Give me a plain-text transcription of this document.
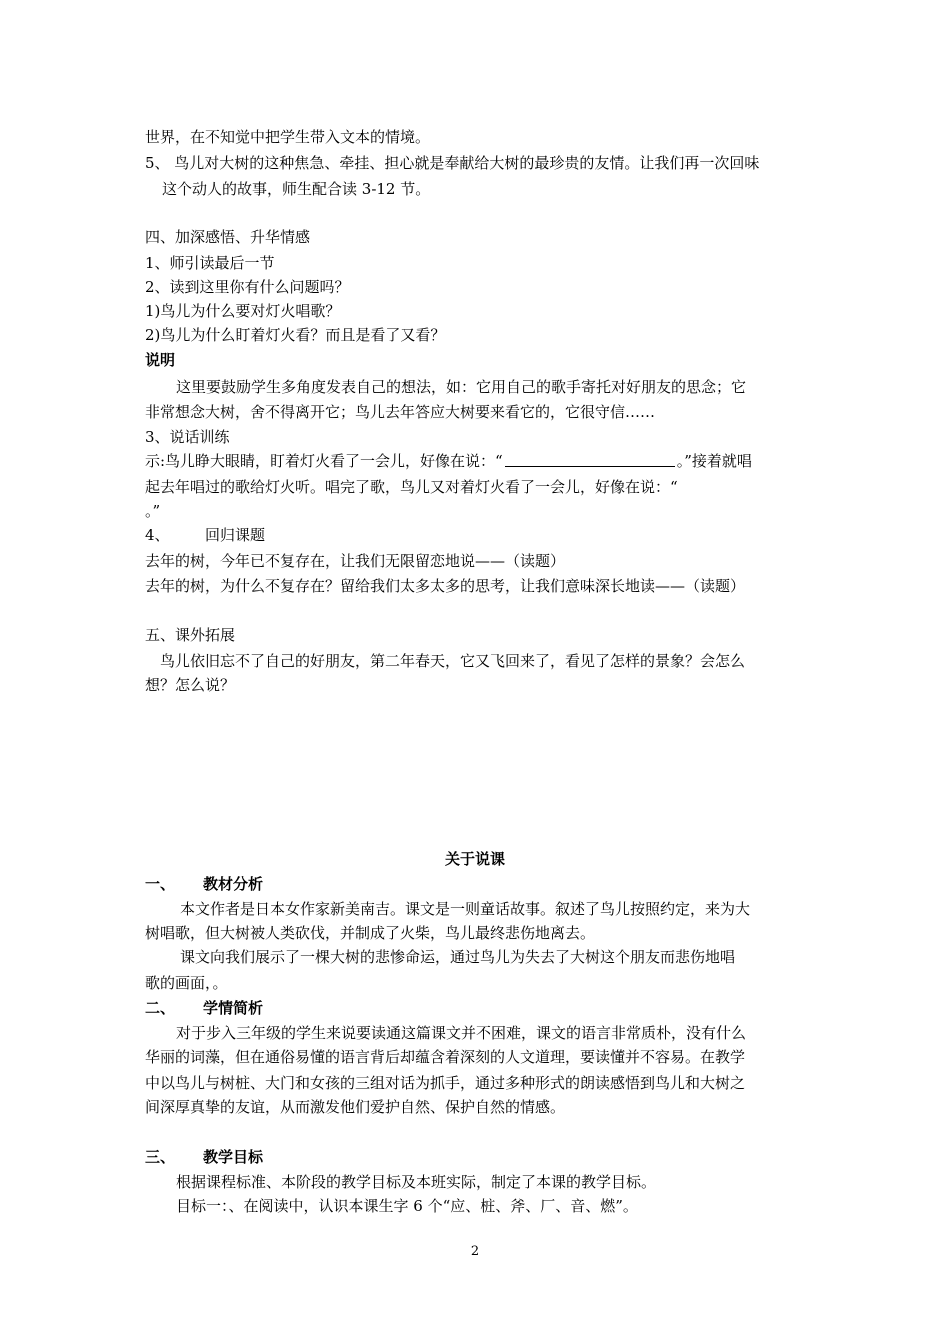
世界，在不知觉中把学生带入文本的情境。
5、 鸟儿对大树的这种焦急、牵挂、担心就是奉献给大树的最珍贵的友情。让我们再一次回味
这个动人的故事，师生配合读 3-12 节。
四、加深感悟、升华情感
1、师引读最后一节
2、读到这里你有什么问题吗？
1)鸟儿为什么要对灯火唱歌？
2)鸟儿为什么盯着灯火看？而且是看了又看？
说明
这里要鼓励学生多角度发表自己的想法，如：它用自己的歌手寄托对好朋友的思念；它
非常想念大树，舍不得离开它；鸟儿去年答应大树要来看它的，它很守信……
3、说话训练
示:鸟儿睁大眼睛，盯着灯火看了一会儿，好像在说：“	。”接着就唱
起去年唱过的歌给灯火听。唱完了歌，鸟儿又对着灯火看了一会儿，好像在说：“
。”
4、 回归课题
去年的树，今年已不复存在，让我们无限留恋地说——（读题）
去年的树，为什么不复存在？留给我们太多太多的思考，让我们意味深长地读——（读题）
五、课外拓展
鸟儿依旧忘不了自己的好朋友，第二年春天，它又飞回来了，看见了怎样的景象？会怎么
想？怎么说？
关于说课
一、 教材分析
本文作者是日本女作家新美南吉。课文是一则童话故事。叙述了鸟儿按照约定，来为大
树唱歌，但大树被人类砍伐，并制成了火柴，鸟儿最终悲伤地离去。
课文向我们展示了一棵大树的悲惨命运，通过鸟儿为失去了大树这个朋友而悲伤地唱
歌的画面，。
二、 学情简析
对于步入三年级的学生来说要读通这篇课文并不困难，课文的语言非常质朴，没有什么
华丽的词藻，但在通俗易懂的语言背后却蕴含着深刻的人文道理，要读懂并不容易。在教学
中以鸟儿与树桩、大门和女孩的三组对话为抓手，通过多种形式的朗读感悟到鸟儿和大树之
间深厚真挚的友谊，从而激发他们爱护自然、保护自然的情感。
三、 教学目标
根据课程标准、本阶段的教学目标及本班实际，制定了本课的教学目标。
目标一：、在阅读中，认识本课生字 6 个“应、桩、斧、厂、音、燃”。
2
